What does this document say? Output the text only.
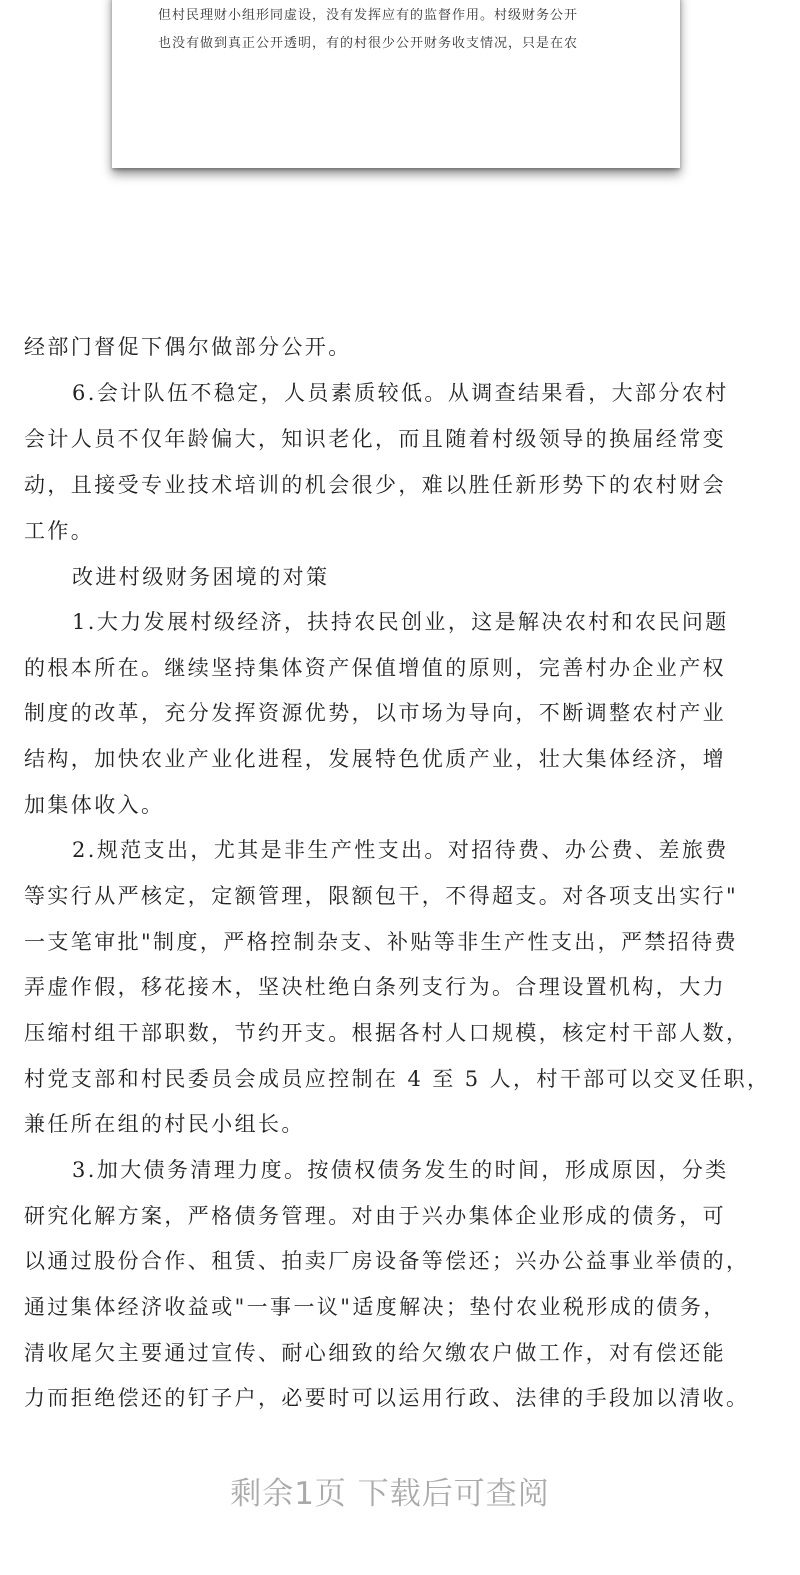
但村民理财小组形同虚设，没有发挥应有的监督作用。村级财务公开
也没有做到真正公开透明，有的村很少公开财务收支情况，只是在农

经部门督促下偶尔做部分公开。

6.会计队伍不稳定，人员素质较低。从调查结果看，大部分农村

会计人员不仅年龄偏大，知识老化，而且随着村级领导的换届经常变

动，且接受专业技术培训的机会很少，难以胜任新形势下的农村财会

工作。

改进村级财务困境的对策

1.大力发展村级经济，扶持农民创业，这是解决农村和农民问题

的根本所在。继续坚持集体资产保值增值的原则，完善村办企业产权

制度的改革，充分发挥资源优势，以市场为导向，不断调整农村产业

结构，加快农业产业化进程，发展特色优质产业，壮大集体经济，增

加集体收入。

2.规范支出，尤其是非生产性支出。对招待费、办公费、差旅费

等实行从严核定，定额管理，限额包干，不得超支。对各项支出实行"

一支笔审批"制度，严格控制杂支、补贴等非生产性支出，严禁招待费

弄虚作假，移花接木，坚决杜绝白条列支行为。合理设置机构，大力

压缩村组干部职数，节约开支。根据各村人口规模，核定村干部人数，

村党支部和村民委员会成员应控制在 4 至 5 人，村干部可以交叉任职，

兼任所在组的村民小组长。

3.加大债务清理力度。按债权债务发生的时间，形成原因，分类

研究化解方案，严格债务管理。对由于兴办集体企业形成的债务，可

以通过股份合作、租赁、拍卖厂房设备等偿还；兴办公益事业举债的，

通过集体经济收益或"一事一议"适度解决；垫付农业税形成的债务，

清收尾欠主要通过宣传、耐心细致的给欠缴农户做工作，对有偿还能

力而拒绝偿还的钉子户，必要时可以运用行政、法律的手段加以清收。

剩余1页 下载后可查阅
